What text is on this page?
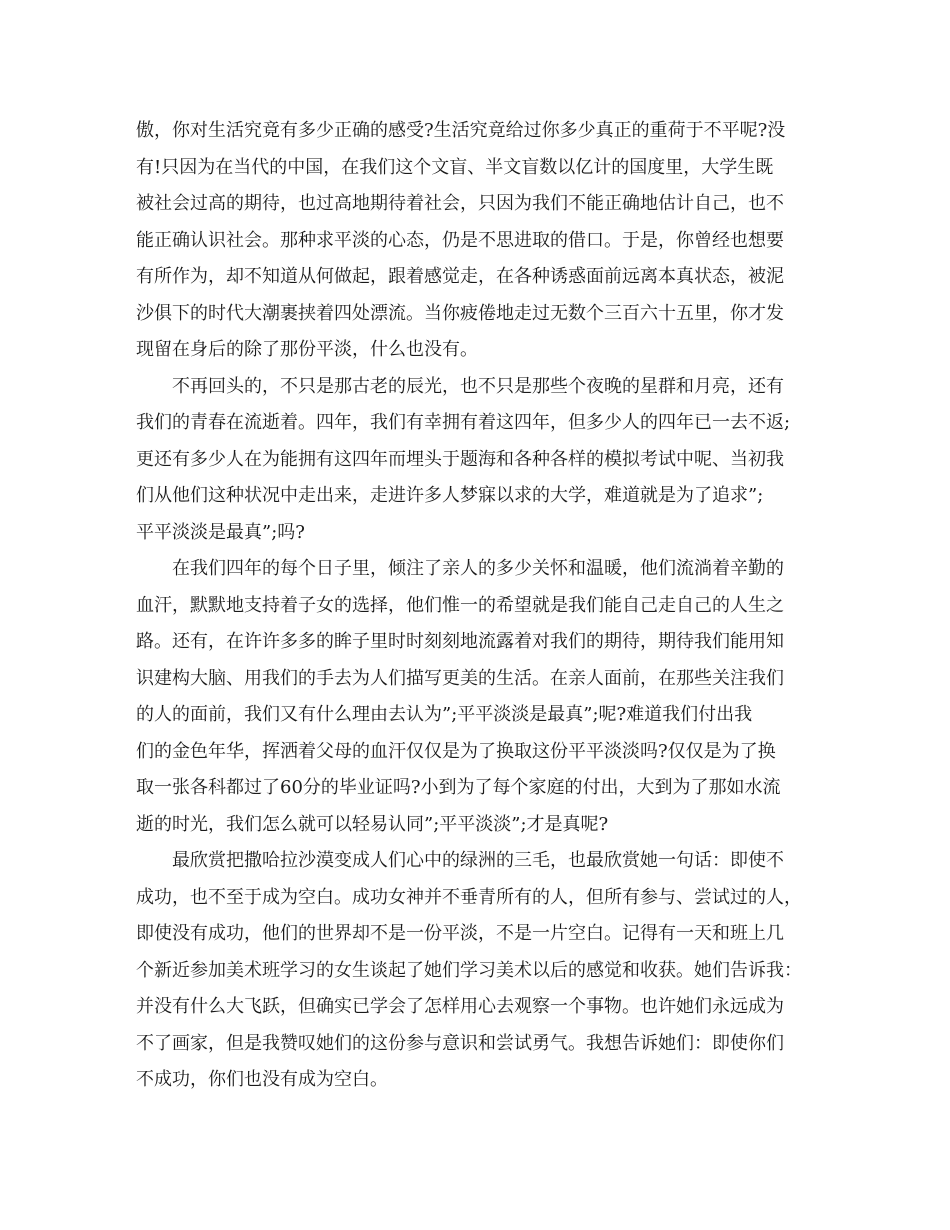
傲，你对生活究竟有多少正确的感受?生活究竟给过你多少真正的重荷于不平呢?没
有!只因为在当代的中国，在我们这个文盲、半文盲数以亿计的国度里，大学生既
被社会过高的期待，也过高地期待着社会，只因为我们不能正确地估计自己，也不
能正确认识社会。那种求平淡的心态，仍是不思进取的借口。于是，你曾经也想要
有所作为，却不知道从何做起，跟着感觉走，在各种诱惑面前远离本真状态，被泥
沙俱下的时代大潮裹挟着四处漂流。当你疲倦地走过无数个三百六十五里，你才发
现留在身后的除了那份平淡，什么也没有。
不再回头的，不只是那古老的辰光，也不只是那些个夜晚的星群和月亮，还有
我们的青春在流逝着。四年，我们有幸拥有着这四年，但多少人的四年已一去不返;
更还有多少人在为能拥有这四年而埋头于题海和各种各样的模拟考试中呢、当初我
们从他们这种状况中走出来，走进许多人梦寐以求的大学，难道就是为了追求”;
平平淡淡是最真”;吗?
在我们四年的每个日子里，倾注了亲人的多少关怀和温暖，他们流淌着辛勤的
血汗，默默地支持着子女的选择，他们惟一的希望就是我们能自己走自己的人生之
路。还有，在许许多多的眸子里时时刻刻地流露着对我们的期待，期待我们能用知
识建构大脑、用我们的手去为人们描写更美的生活。在亲人面前，在那些关注我们
的人的面前，我们又有什么理由去认为”;平平淡淡是最真”;呢?难道我们付出我
们的金色年华，挥洒着父母的血汗仅仅是为了换取这份平平淡淡吗?仅仅是为了换
取一张各科都过了60分的毕业证吗?小到为了每个家庭的付出，大到为了那如水流
逝的时光，我们怎么就可以轻易认同”;平平淡淡”;才是真呢?
最欣赏把撒哈拉沙漠变成人们心中的绿洲的三毛，也最欣赏她一句话：即使不
成功，也不至于成为空白。成功女神并不垂青所有的人，但所有参与、尝试过的人，
即使没有成功，他们的世界却不是一份平淡，不是一片空白。记得有一天和班上几
个新近参加美术班学习的女生谈起了她们学习美术以后的感觉和收获。她们告诉我：
并没有什么大飞跃，但确实已学会了怎样用心去观察一个事物。也许她们永远成为
不了画家，但是我赞叹她们的这份参与意识和尝试勇气。我想告诉她们：即使你们
不成功，你们也没有成为空白。
